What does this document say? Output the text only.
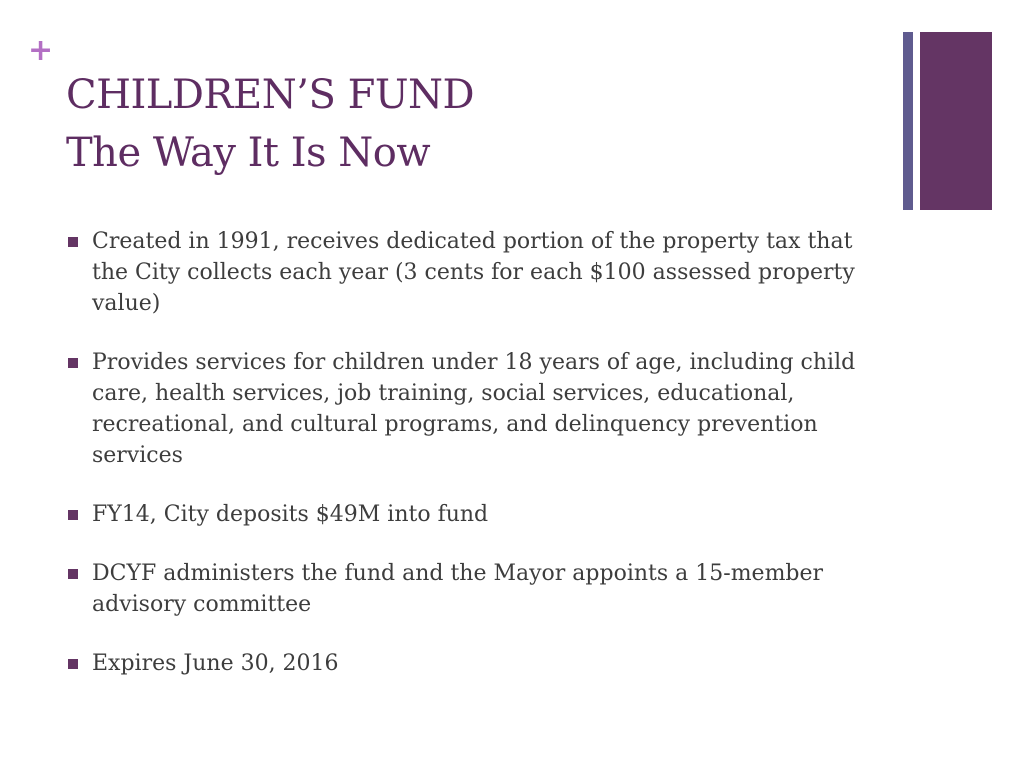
+
CHILDREN’S FUND
The Way It Is Now
Created in 1991, receives dedicated portion of the property tax that the City collects each year (3 cents for each $100 assessed property value)
Provides services for children under 18 years of age, including child care, health services, job training, social services, educational, recreational, and cultural programs, and delinquency prevention services
FY14, City deposits $49M into fund
DCYF administers the fund and the Mayor appoints a 15-member advisory committee
Expires June 30, 2016
